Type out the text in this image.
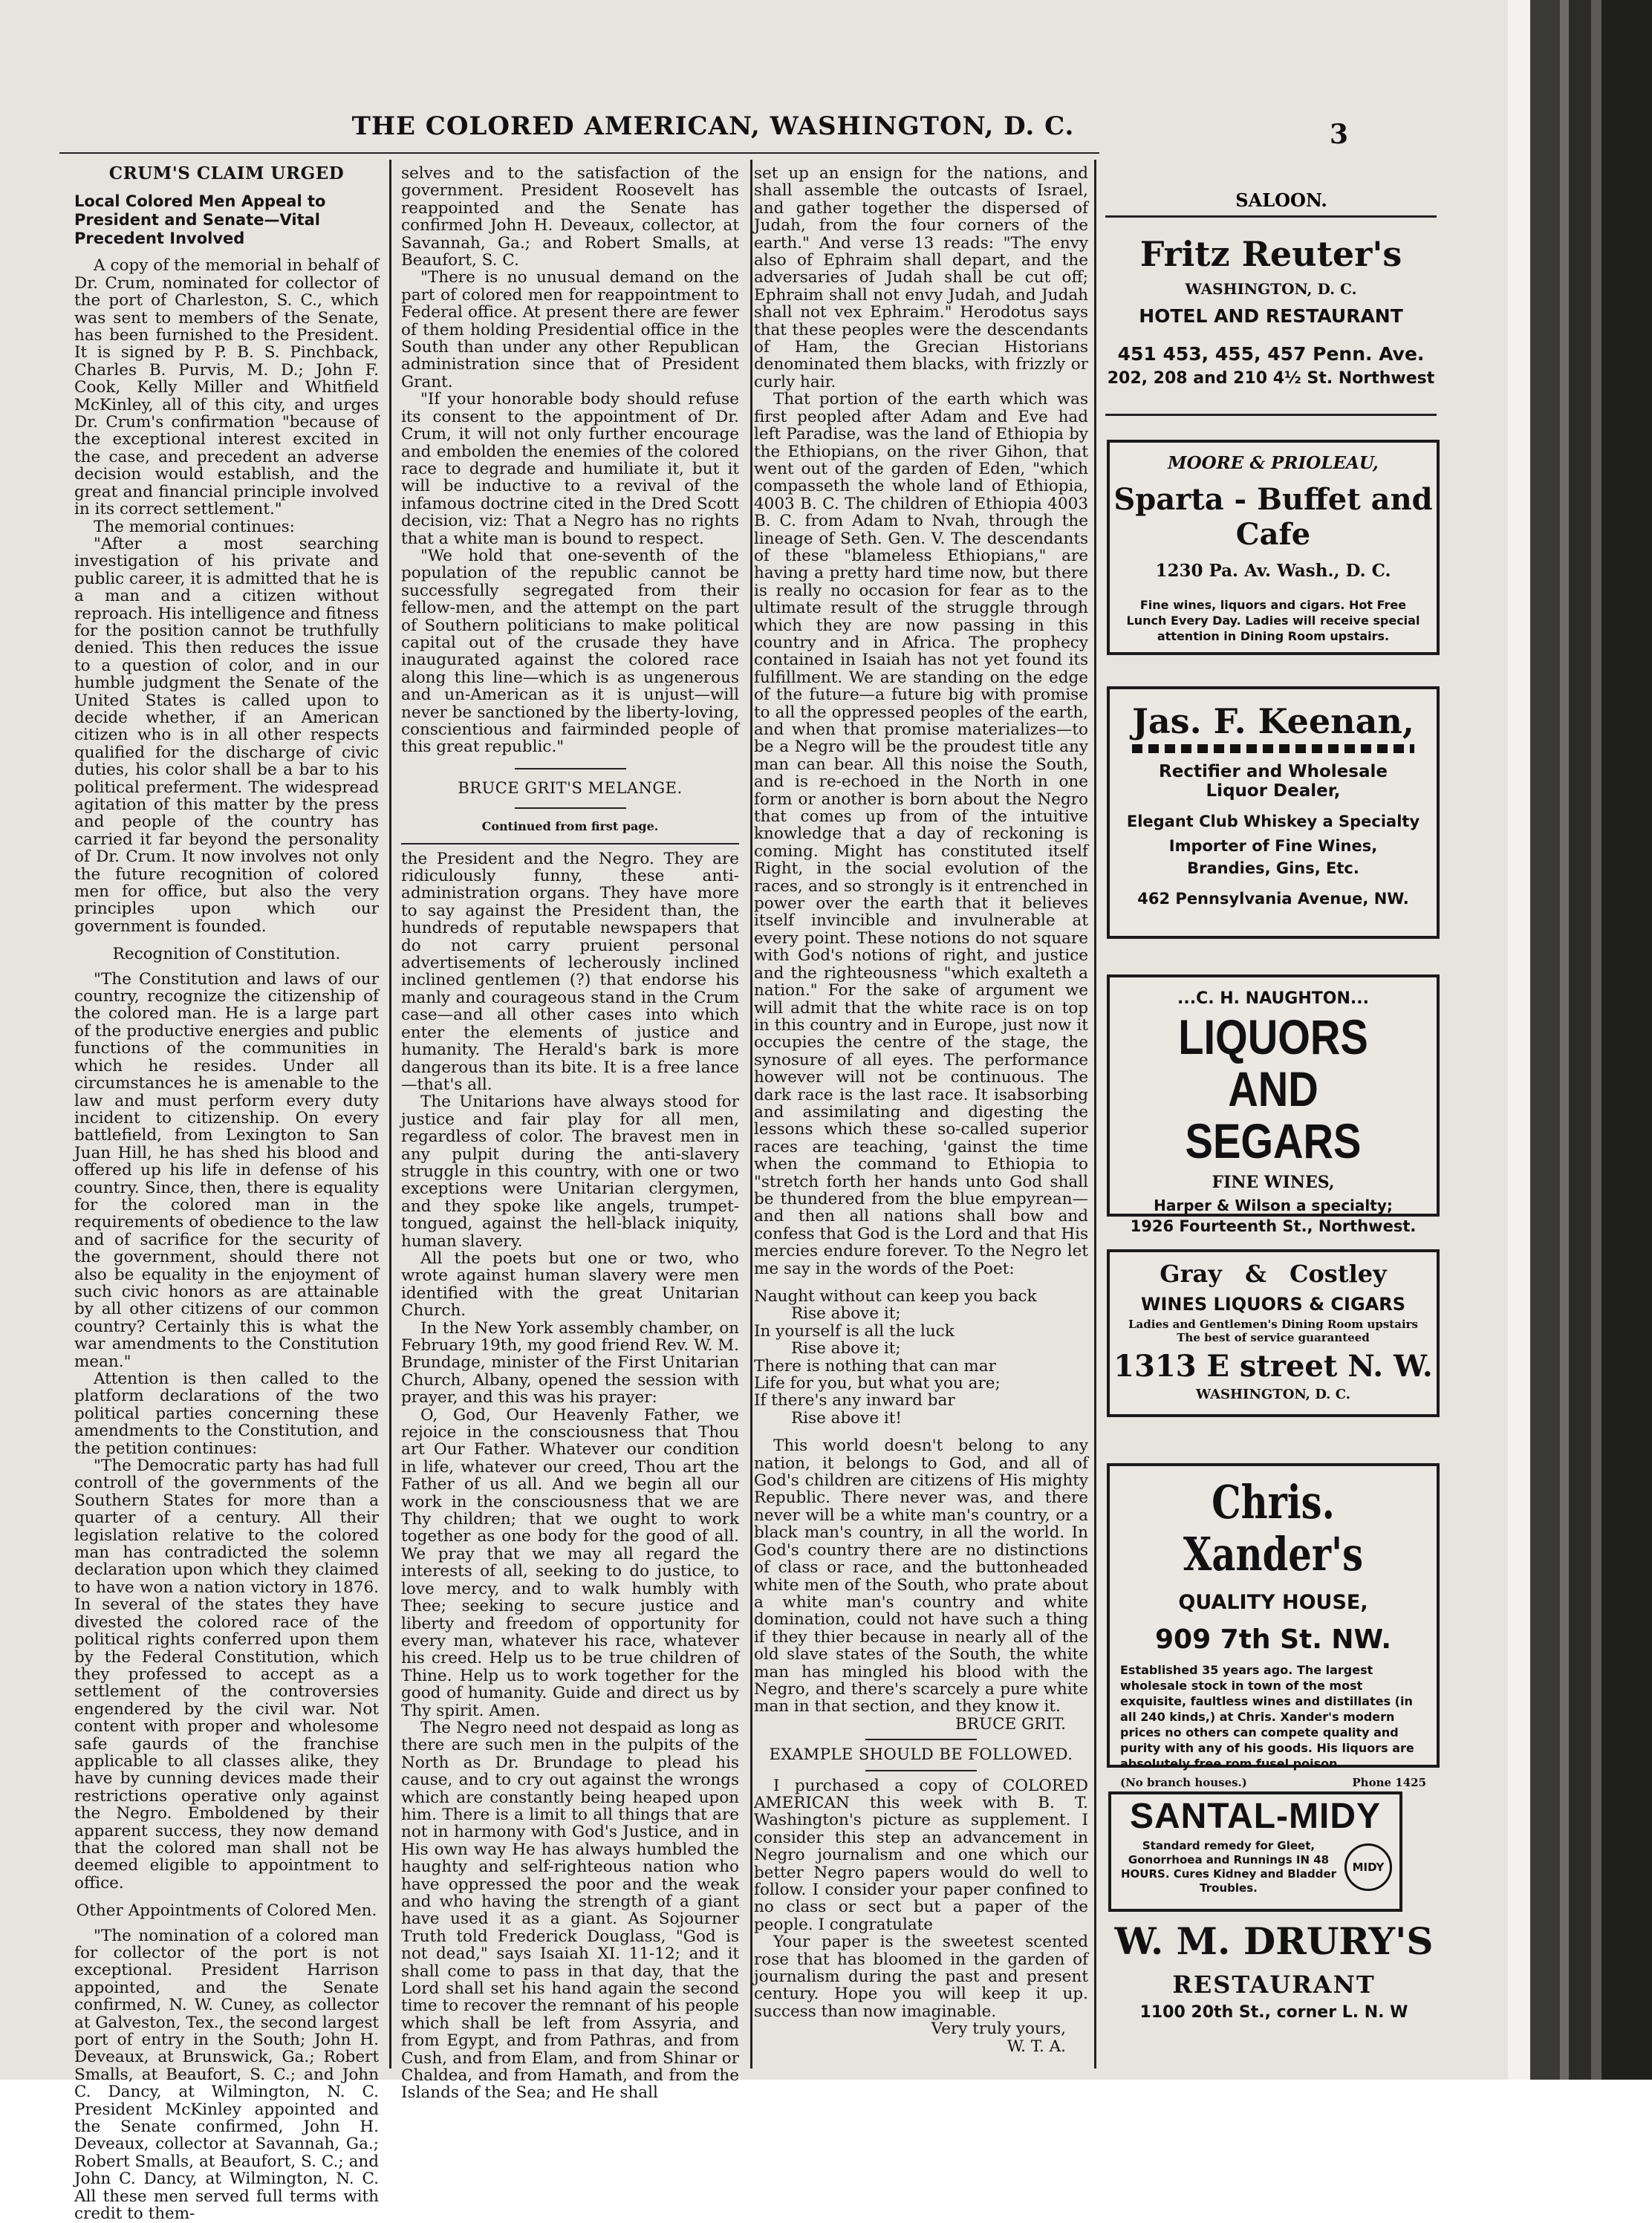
THE COLORED AMERICAN, WASHINGTON, D. C.	3
CRUM'S CLAIM URGED
Local Colored Men Appeal to President and Senate—Vital Precedent Involved

A copy of the memorial in behalf of Dr. Crum, nominated for collector of the port of Charleston, S. C., which was sent to members of the Senate, has been furnished to the President. It is signed by P. B. S. Pinchback, Charles B. Purvis, M. D.; John F. Cook, Kelly Miller and Whitfield McKinley, all of this city, and urges Dr. Crum's confirmation "because of the exceptional interest excited in the case, and precedent an adverse decision would establish, and the great and financial principle involved in its correct settlement."

The memorial continues:

"After a most searching investigation of his private and public career, it is admitted that he is a man and a citizen without reproach. His intelligence and fitness for the position cannot be truthfully denied. This then reduces the issue to a question of color, and in our humble judgment the Senate of the United States is called upon to decide whether, if an American citizen who is in all other respects qualified for the discharge of civic duties, his color shall be a bar to his political preferment. The widespread agitation of this matter by the press and people of the country has carried it far beyond the personality of Dr. Crum. It now involves not only the future recognition of colored men for office, but also the very principles upon which our government is founded.

Recognition of Constitution.

"The Constitution and laws of our country, recognize the citizenship of the colored man. He is a large part of the productive energies and public functions of the communities in which he resides. Under all circumstances he is amenable to the law and must perform every duty incident to citizenship. On every battlefield, from Lexington to San Juan Hill, he has shed his blood and offered up his life in defense of his country. Since, then, there is equality for the colored man in the requirements of obedience to the law and of sacrifice for the security of the government, should there not also be equality in the enjoyment of such civic honors as are attainable by all other citizens of our common country? Certainly this is what the war amendments to the Constitution mean."

Attention is then called to the platform declarations of the two political parties concerning these amendments to the Constitution, and the petition continues:

"The Democratic party has had full controll of the governments of the Southern States for more than a quarter of a century. All their legislation relative to the colored man has contradicted the solemn declaration upon which they claimed to have won a nation victory in 1876. In several of the states they have divested the colored race of the political rights conferred upon them by the Federal Constitution, which they professed to accept as a settlement of the controversies engendered by the civil war. Not content with proper and wholesome safe gaurds of the franchise applicable to all classes alike, they have by cunning devices made their restrictions operative only against the Negro. Emboldened by their apparent success, they now demand that the colored man shall not be deemed eligible to appointment to office.

Other Appointments of Colored Men.

"The nomination of a colored man for collector of the port is not exceptional. President Harrison appointed, and the Senate confirmed, N. W. Cuney, as collector at Galveston, Tex., the second largest port of entry in the South; John H. Deveaux, at Brunswick, Ga.; Robert Smalls, at Beaufort, S. C.; and John C. Dancy, at Wilmington, N. C. President McKinley appointed and the Senate confirmed, John H. Deveaux, collector at Savannah, Ga.; Robert Smalls, at Beaufort, S. C.; and John C. Dancy, at Wilmington, N. C. All these men served full terms with credit to them-

selves and to the satisfaction of the government. President Roosevelt has reappointed and the Senate has confirmed John H. Deveaux, collector, at Savannah, Ga.; and Robert Smalls, at Beaufort, S. C.

"There is no unusual demand on the part of colored men for reappointment to Federal office. At present there are fewer of them holding Presidential office in the South than under any other Republican administration since that of President Grant.

"If your honorable body should refuse its consent to the appointment of Dr. Crum, it will not only further encourage and embolden the enemies of the colored race to degrade and humiliate it, but it will be inductive to a revival of the infamous doctrine cited in the Dred Scott decision, viz: That a Negro has no rights that a white man is bound to respect.

"We hold that one-seventh of the population of the republic cannot be successfully segregated from their fellow-men, and the attempt on the part of Southern politicians to make political capital out of the crusade they have inaugurated against the colored race along this line—which is as ungenerous and un-American as it is unjust—will never be sanctioned by the liberty-loving, conscientious and fairminded people of this great republic."

BRUCE GRIT'S MELANGE.
Continued from first page.

the President and the Negro. They are ridiculously funny, these anti-administration organs. They have more to say against the President than, the hundreds of reputable newspapers that do not carry pruient personal advertisements of lecherously inclined inclined gentlemen (?) that endorse his manly and courageous stand in the Crum case—and all other cases into which enter the elements of justice and humanity. The Herald's bark is more dangerous than its bite. It is a free lance—that's all.

The Unitarions have always stood for justice and fair play for all men, regardless of color. The bravest men in any pulpit during the anti-slavery struggle in this country, with one or two exceptions were Unitarian clergymen, and they spoke like angels, trumpet-tongued, against the hell-black iniquity, human slavery.

All the poets but one or two, who wrote against human slavery were men identified with the great Unitarian Church.

In the New York assembly chamber, on February 19th, my good friend Rev. W. M. Brundage, minister of the First Unitarian Church, Albany, opened the session with prayer, and this was his prayer:

O, God, Our Heavenly Father, we rejoice in the consciousness that Thou art Our Father. Whatever our condition in life, whatever our creed, Thou art the Father of us all. And we begin all our work in the consciousness that we are Thy children; that we ought to work together as one body for the good of all. We pray that we may all regard the interests of all, seeking to do justice, to love mercy, and to walk humbly with Thee; seeking to secure justice and liberty and freedom of opportunity for every man, whatever his race, whatever his creed. Help us to be true children of Thine. Help us to work together for the good of humanity. Guide and direct us by Thy spirit. Amen.

The Negro need not despaid as long as there are such men in the pulpits of the North as Dr. Brundage to plead his cause, and to cry out against the wrongs which are constantly being heaped upon him. There is a limit to all things that are not in harmony with God's Justice, and in His own way He has always humbled the haughty and self-righteous nation who have oppressed the poor and the weak and who having the strength of a giant have used it as a giant. As Sojourner Truth told Frederick Douglass, "God is not dead," says Isaiah XI. 11-12; and it shall come to pass in that day, that the Lord shall set his hand again the second time to recover the remnant of his people which shall be left from Assyria, and from Egypt, and from Pathras, and from Cush, and from Elam, and from Shinar or Chaldea, and from Hamath, and from the Islands of the Sea; and He shall

set up an ensign for the nations, and shall assemble the outcasts of Israel, and gather together the dispersed of Judah, from the four corners of the earth." And verse 13 reads: "The envy also of Ephraim shall depart, and the adversaries of Judah shall be cut off; Ephraim shall not envy Judah, and Judah shall not vex Ephraim." Herodotus says that these peoples were the descendants of Ham, the Grecian Historians denominated them blacks, with frizzly or curly hair.

That portion of the earth which was first peopled after Adam and Eve had left Paradise, was the land of Ethiopia by the Ethiopians, on the river Gihon, that went out of the garden of Eden, "which compasseth the whole land of Ethiopia, 4003 B. C. The children of Ethiopia 4003 B. C. from Adam to Nvah, through the lineage of Seth. Gen. V. The descendants of these "blameless Ethiopians," are having a pretty hard time now, but there is really no occasion for fear as to the ultimate result of the struggle through which they are now passing in this country and in Africa. The prophecy contained in Isaiah has not yet found its fulfillment. We are standing on the edge of the future—a future big with promise to all the oppressed peoples of the earth, and when that promise materializes—to be a Negro will be the proudest title any man can bear. All this noise the South, and is re-echoed in the North in one form or another is born about the Negro that comes up from of the intuitive knowledge that a day of reckoning is coming. Might has constituted itself Right, in the social evolution of the races, and so strongly is it entrenched in power over the earth that it believes itself invincible and invulnerable at every point. These notions do not square with God's notions of right, and justice and the righteousness "which exalteth a nation." For the sake of argument we will admit that the white race is on top in this country and in Europe, just now it occupies the centre of the stage, the synosure of all eyes. The performance however will not be continuous. The dark race is the last race. It isabsorbing and assimilating and digesting the lessons which these so-called superior races are teaching, 'gainst the time when the command to Ethiopia to "stretch forth her hands unto God shall be thundered from the blue empyrean—and then all nations shall bow and confess that God is the Lord and that His mercies endure forever. To the Negro let me say in the words of the Poet:

Naught without can keep you back

Rise above it;

In yourself is all the luck

Rise above it;

There is nothing that can mar

Life for you, but what you are;

If there's any inward bar

Rise above it!

This world doesn't belong to any nation, it belongs to God, and all of God's children are citizens of His mighty Republic. There never was, and there never will be a white man's country, or a black man's country, in all the world. In God's country there are no distinctions of class or race, and the buttonheaded white men of the South, who prate about a white man's country and white domination, could not have such a thing if they thier because in nearly all of the old slave states of the South, the white man has mingled his blood with the Negro, and there's scarcely a pure white man in that section, and they know it.

BRUCE GRIT.

EXAMPLE SHOULD BE FOLLOWED.

I purchased a copy of COLORED AMERICAN this week with B. T. Washington's picture as supplement. I consider this step an advancement in Negro journalism and one which our better Negro papers would do well to follow. I consider your paper confined to no class or sect but a paper of the people. I congratulate

Your paper is the sweetest scented rose that has bloomed in the garden of journalism during the past and present century. Hope you will keep it up. success than now imaginable.

Very truly yours,

W. T. A.

SALOON.
Fritz Reuter's
WASHINGTON, D. C.
HOTEL AND RESTAURANT
451 453, 455, 457 Penn. Ave.
202, 208 and 210 4½ St. Northwest
MOORE & PRIOLEAU,
Sparta - Buffet and Cafe
1230 Pa. Av. Wash., D. C.
Fine wines, liquors and cigars. Hot Free Lunch Every Day. Ladies will receive special attention in Dining Room upstairs.
Jas. F. Keenan,
Rectifier and Wholesale
Liquor Dealer,
Elegant Club Whiskey a Specialty
Importer of Fine Wines, Brandies, Gins, Etc.
462 Pennsylvania Avenue, NW.
...C. H. NAUGHTON...
LIQUORS
AND SEGARS
FINE WINES,
Harper & Wilson a specialty;
1926 Fourteenth St., Northwest.
Gray & Costley
WINES LIQUORS & CIGARS
Ladies and Gentlemen's Dining Room upstairs The best of service guaranteed
1313 E street N. W.
WASHINGTON, D. C.
Chris. Xander's
QUALITY HOUSE,
909 7th St. NW.
Established 35 years ago. The largest wholesale stock in town of the most exquisite, faultless wines and distillates (in all 240 kinds,) at Chris. Xander's modern prices no others can compete quality and purity with any of his goods. His liquors are absolutely free rom fusel poison.
(No branch houses.)	Phone 1425
SANTAL-MIDY
Standard remedy for Gleet, Gonorrhoea and Runnings IN 48 HOURS. Cures Kidney and Bladder Troubles.
MIDY
W. M. DRURY'S
RESTAURANT
1100 20th St., corner L. N. W
